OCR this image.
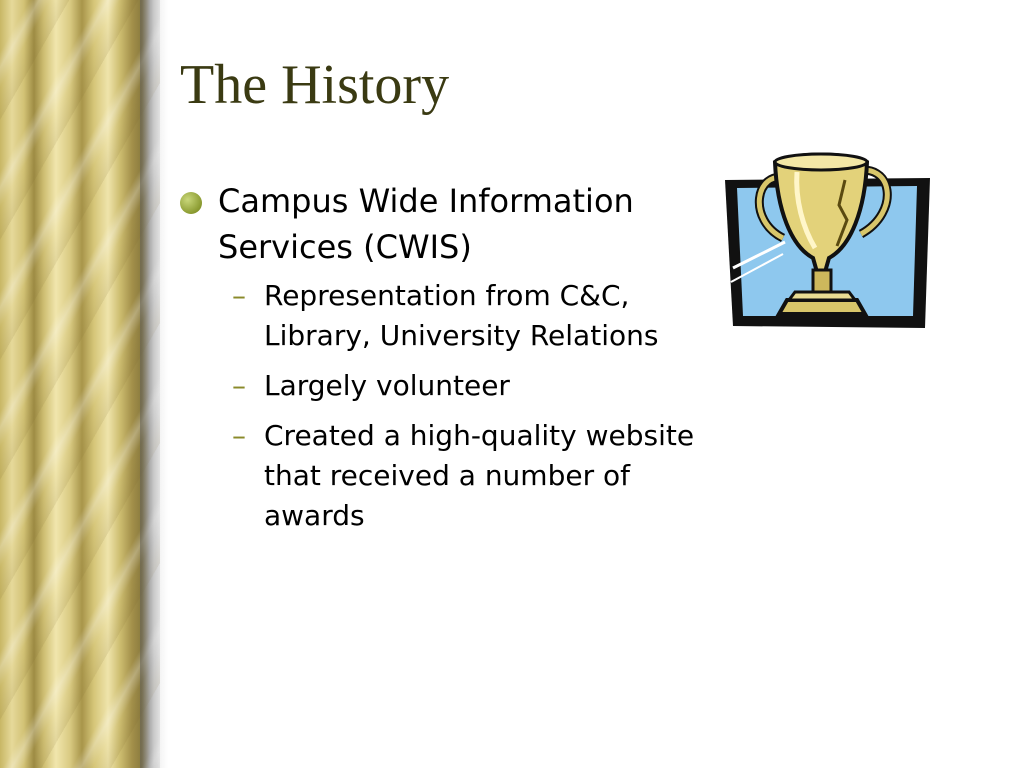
The History
Campus Wide Information Services (CWIS)
– Representation from C&C, Library, University Relations
– Largely volunteer
– Created a high-quality website that received a number of awards
